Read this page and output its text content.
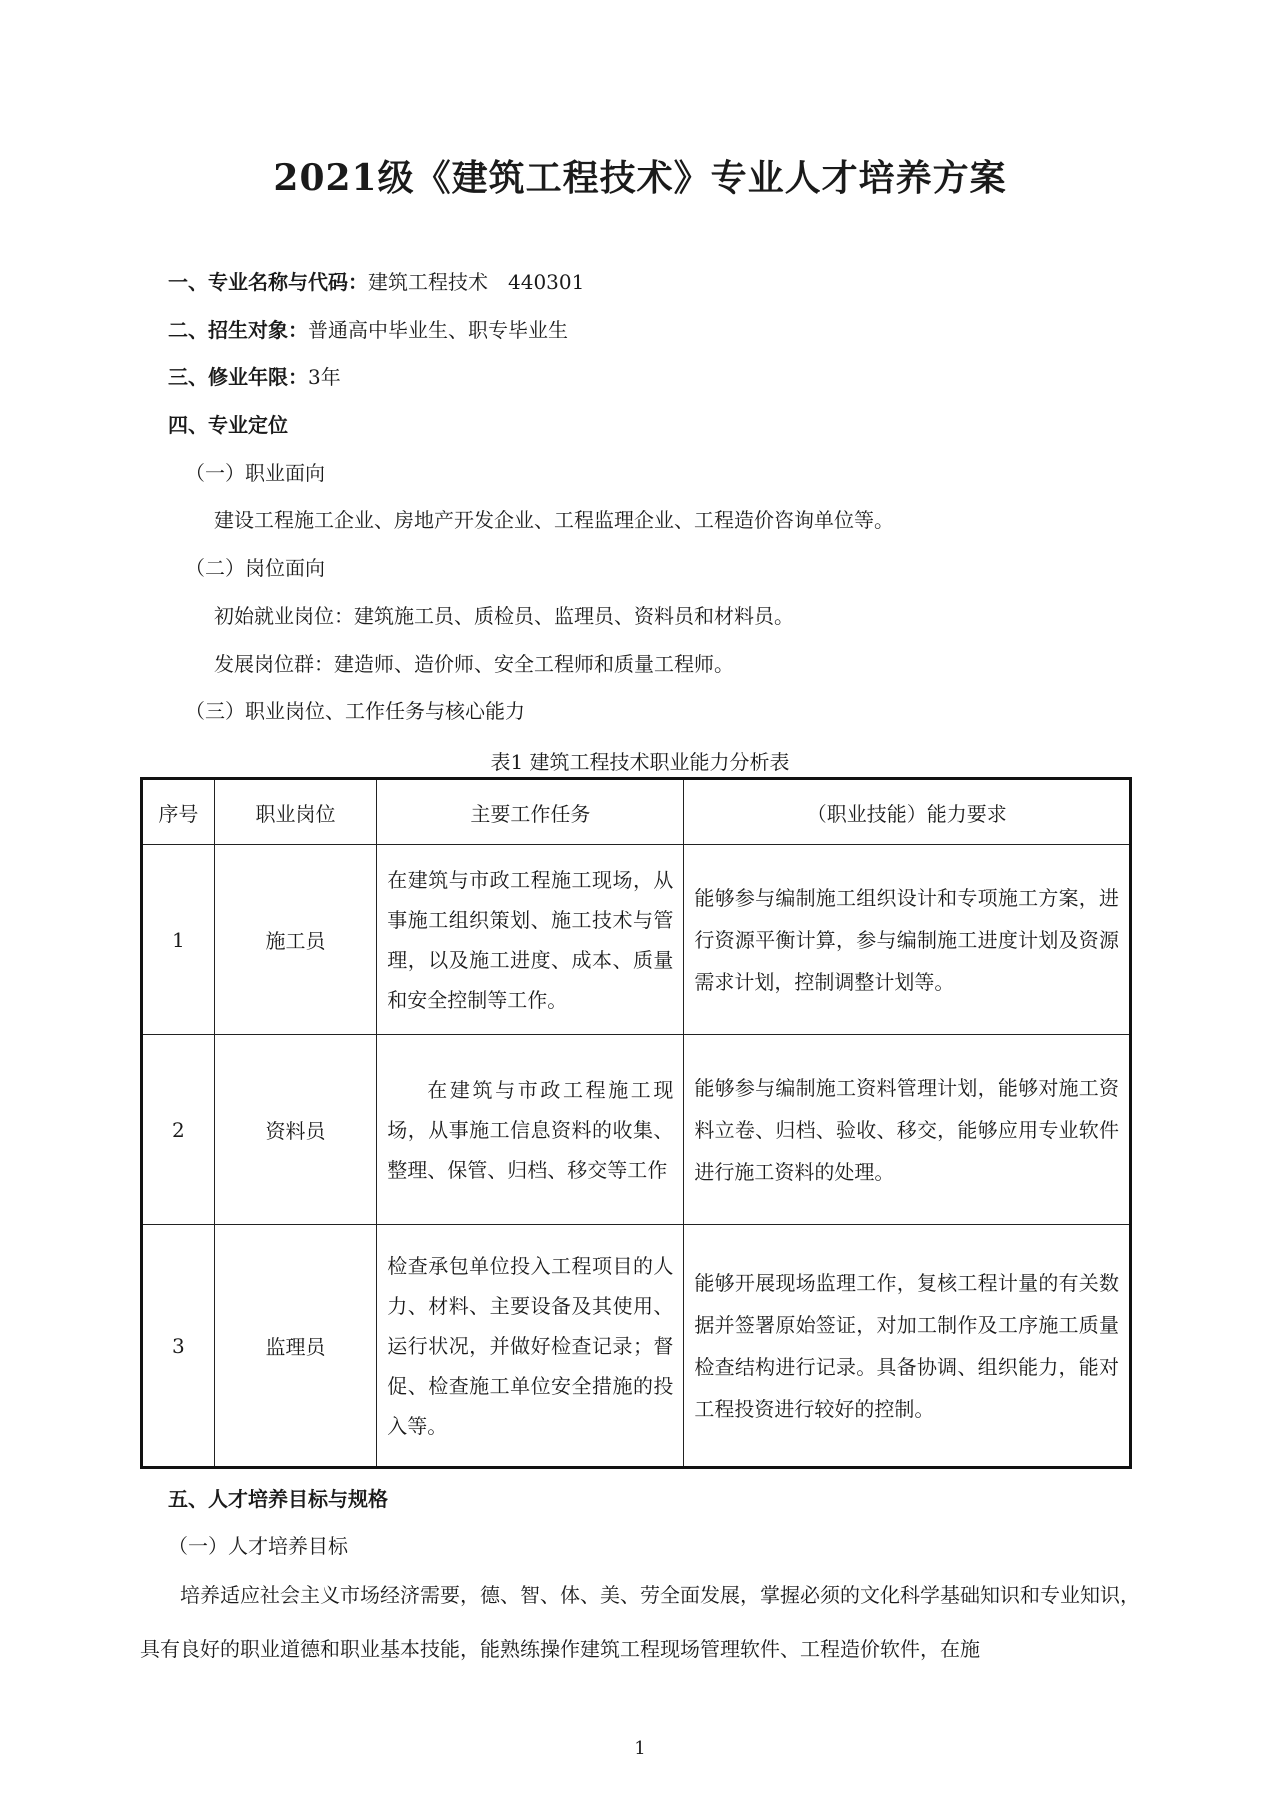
2021级《建筑工程技术》专业人才培养方案
一、专业名称与代码：建筑工程技术　440301
二、招生对象：普通高中毕业生、职专毕业生
三、修业年限：3年
四、专业定位
（一）职业面向
建设工程施工企业、房地产开发企业、工程监理企业、工程造价咨询单位等。
（二）岗位面向
初始就业岗位：建筑施工员、质检员、监理员、资料员和材料员。
发展岗位群：建造师、造价师、安全工程师和质量工程师。
（三）职业岗位、工作任务与核心能力
表1 建筑工程技术职业能力分析表
序号	职业岗位	主要工作任务	（职业技能）能力要求
1	施工员	在建筑与市政工程施工现场，从事施工组织策划、施工技术与管理，以及施工进度、成本、质量和安全控制等工作。	能够参与编制施工组织设计和专项施工方案，进行资源平衡计算，参与编制施工进度计划及资源需求计划，控制调整计划等。
2	资料员	在建筑与市政工程施工现场，从事施工信息资料的收集、整理、保管、归档、移交等工作	能够参与编制施工资料管理计划，能够对施工资料立卷、归档、验收、移交，能够应用专业软件进行施工资料的处理。
3	监理员	检查承包单位投入工程项目的人力、材料、主要设备及其使用、运行状况，并做好检查记录；督促、检查施工单位安全措施的投入等。	能够开展现场监理工作，复核工程计量的有关数据并签署原始签证，对加工制作及工序施工质量检查结构进行记录。具备协调、组织能力，能对工程投资进行较好的控制。
五、人才培养目标与规格
（一）人才培养目标
培养适应社会主义市场经济需要，德、智、体、美、劳全面发展，掌握必须的文化科学基础知识和专业知识，具有良好的职业道德和职业基本技能，能熟练操作建筑工程现场管理软件、工程造价软件，在施
1
